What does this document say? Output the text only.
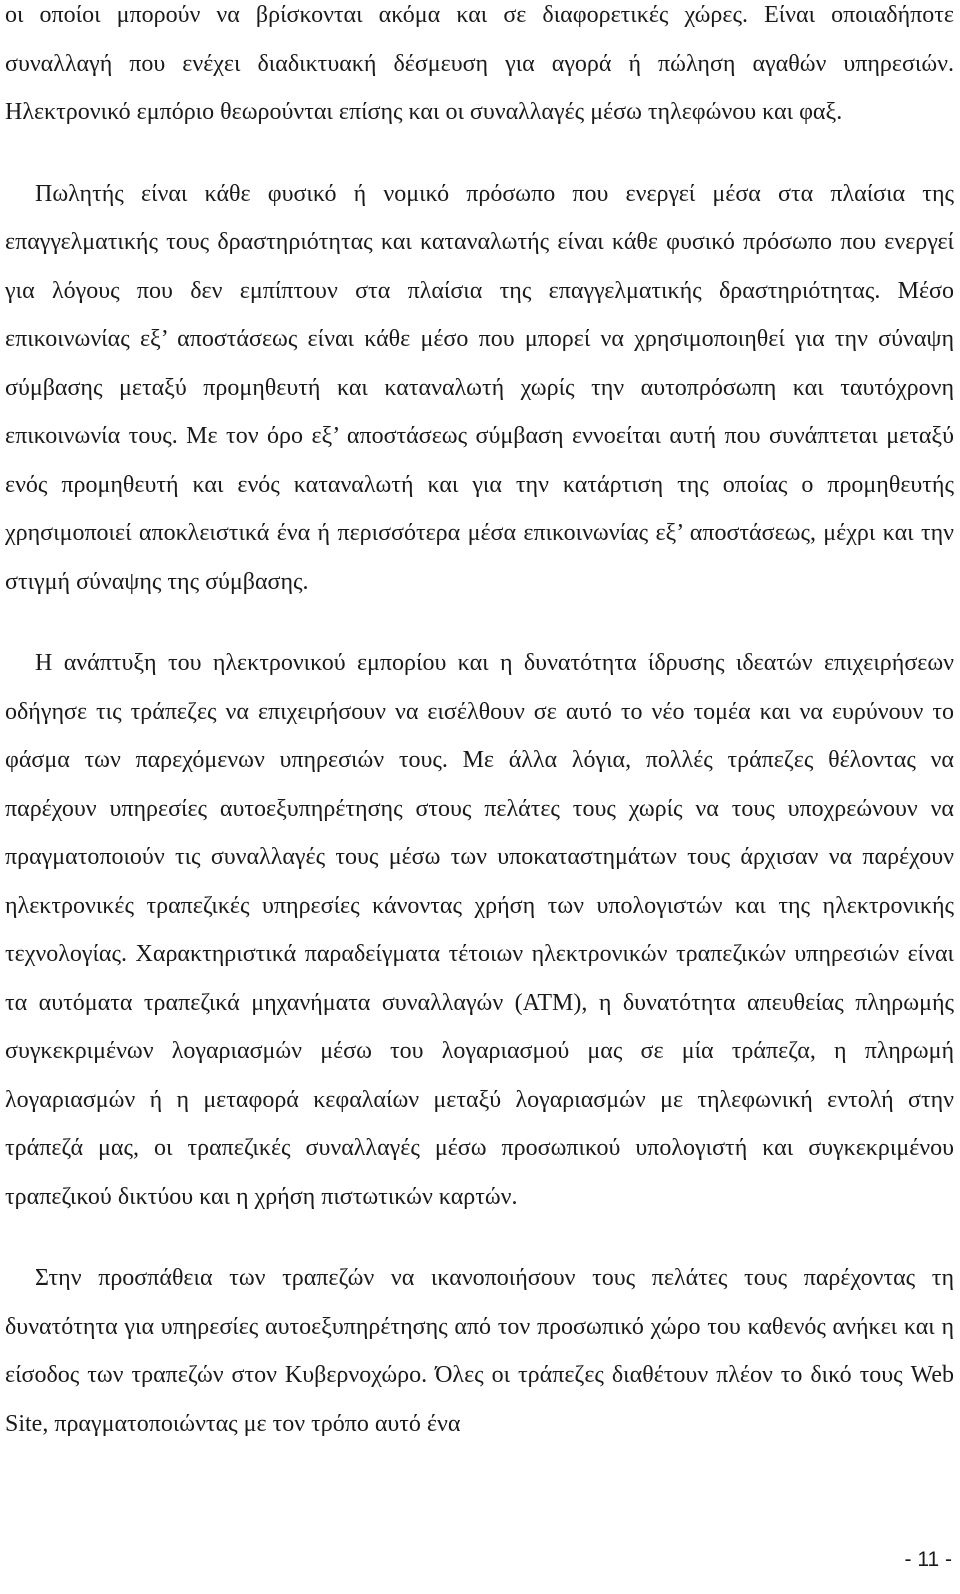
οι οποίοι μπορούν να βρίσκονται ακόμα και σε διαφορετικές χώρες. Είναι οποιαδήποτε συναλλαγή που ενέχει διαδικτυακή δέσμευση για αγορά ή πώληση αγαθών υπηρεσιών. Ηλεκτρονικό εμπόριο θεωρούνται επίσης και οι συναλλαγές μέσω τηλεφώνου και φαξ.

Πωλητής είναι κάθε φυσικό ή νομικό πρόσωπο που ενεργεί μέσα στα πλαίσια της επαγγελματικής τους δραστηριότητας και καταναλωτής είναι κάθε φυσικό πρόσωπο που ενεργεί για λόγους που δεν εμπίπτουν στα πλαίσια της επαγγελματικής δραστηριότητας. Μέσο επικοινωνίας εξ’ αποστάσεως είναι κάθε μέσο που μπορεί να χρησιμοποιηθεί για την σύναψη σύμβασης μεταξύ προμηθευτή και καταναλωτή χωρίς την αυτοπρόσωπη και ταυτόχρονη επικοινωνία τους. Με τον όρο εξ’ αποστάσεως σύμβαση εννοείται αυτή που συνάπτεται μεταξύ ενός προμηθευτή και ενός καταναλωτή και για την κατάρτιση της οποίας ο προμηθευτής χρησιμοποιεί αποκλειστικά ένα ή περισσότερα μέσα επικοινωνίας εξ’ αποστάσεως, μέχρι και την στιγμή σύναψης της σύμβασης.

Η ανάπτυξη του ηλεκτρονικού εμπορίου και η δυνατότητα ίδρυσης ιδεατών επιχειρήσεων οδήγησε τις τράπεζες να επιχειρήσουν να εισέλθουν σε αυτό το νέο τομέα και να ευρύνουν το φάσμα των παρεχόμενων υπηρεσιών τους. Με άλλα λόγια, πολλές τράπεζες θέλοντας να παρέχουν υπηρεσίες αυτοεξυπηρέτησης στους πελάτες τους χωρίς να τους υποχρεώνουν να πραγματοποιούν τις συναλλαγές τους μέσω των υποκαταστημάτων τους άρχισαν να παρέχουν ηλεκτρονικές τραπεζικές υπηρεσίες κάνοντας χρήση των υπολογιστών και της ηλεκτρονικής τεχνολογίας. Χαρακτηριστικά παραδείγματα τέτοιων ηλεκτρονικών τραπεζικών υπηρεσιών είναι τα αυτόματα τραπεζικά μηχανήματα συναλλαγών (ΑΤΜ), η δυνατότητα απευθείας πληρωμής συγκεκριμένων λογαριασμών μέσω του λογαριασμού μας σε μία τράπεζα, η πληρωμή λογαριασμών ή η μεταφορά κεφαλαίων μεταξύ λογαριασμών με τηλεφωνική εντολή στην τράπεζά μας, οι τραπεζικές συναλλαγές μέσω προσωπικού υπολογιστή και συγκεκριμένου τραπεζικού δικτύου και η χρήση πιστωτικών καρτών.

Στην προσπάθεια των τραπεζών να ικανοποιήσουν τους πελάτες τους παρέχοντας τη δυνατότητα για υπηρεσίες αυτοεξυπηρέτησης από τον προσωπικό χώρο του καθενός ανήκει και η είσοδος των τραπεζών στον Κυβερνοχώρο. Όλες οι τράπεζες διαθέτουν πλέον το δικό τους Web Site, πραγματοποιώντας με τον τρόπο αυτό ένα

- 11 -
